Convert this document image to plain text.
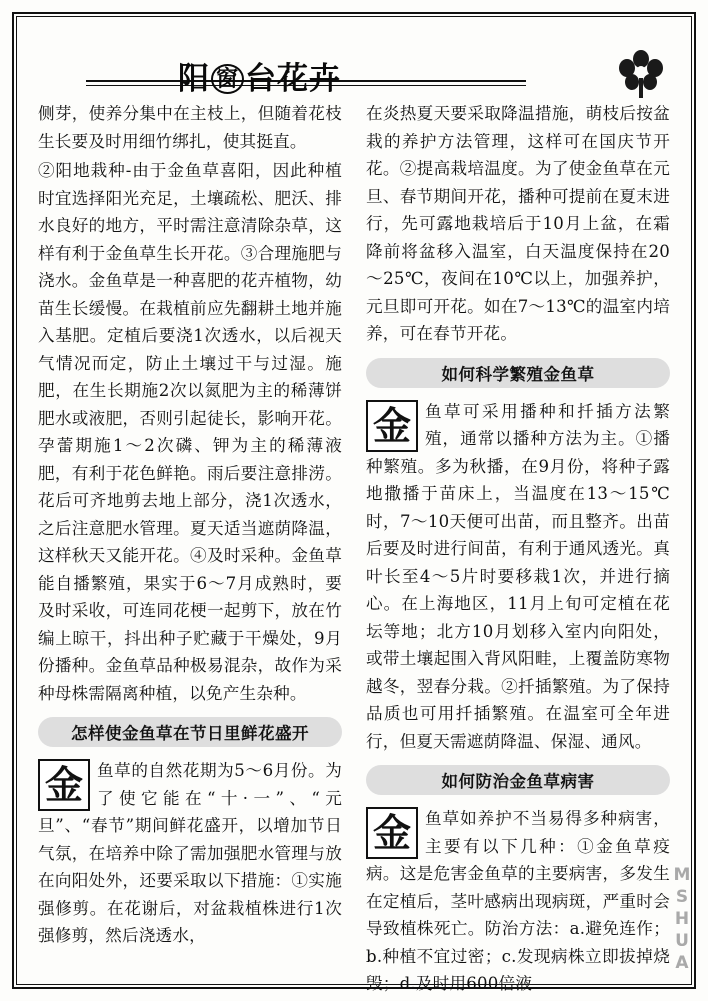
阳 窗 台花卉

侧芽，使养分集中在主枝上，但随着花枝生长要及时用细竹绑扎，使其挺直。

②阳地栽种-由于金鱼草喜阳，因此种植时宜选择阳光充足，土壤疏松、肥沃、排水良好的地方，平时需注意清除杂草，这样有利于金鱼草生长开花。③合理施肥与浇水。金鱼草是一种喜肥的花卉植物，幼苗生长缓慢。在栽植前应先翻耕土地并施入基肥。定植后要浇1次透水，以后视天气情况而定，防止土壤过干与过湿。施肥，在生长期施2次以氮肥为主的稀薄饼肥水或液肥，否则引起徒长，影响开花。孕蕾期施1～2次磷、钾为主的稀薄液肥，有利于花色鲜艳。雨后要注意排涝。花后可齐地剪去地上部分，浇1次透水，之后注意肥水管理。夏天适当遮荫降温，这样秋天又能开花。④及时采种。金鱼草能自播繁殖，果实于6～7月成熟时，要及时采收，可连同花梗一起剪下，放在竹编上晾干，抖出种子贮藏于干燥处，9月份播种。金鱼草品种极易混杂，故作为采种母株需隔离种植，以免产生杂种。

怎样使金鱼草在节日里鲜花盛开
金 鱼草的自然花期为5～6月份。为了使它能在“十·一”、“元旦”、“春节”期间鲜花盛开，以增加节日气氛，在培养中除了需加强肥水管理与放在向阳处外，还要采取以下措施：①实施强修剪。在花谢后，对盆栽植株进行1次强修剪，然后浇透水，

在炎热夏天要采取降温措施，萌枝后按盆栽的养护方法管理，这样可在国庆节开花。②提高栽培温度。为了使金鱼草在元旦、春节期间开花，播种可提前在夏末进行，先可露地栽培后于10月上盆，在霜降前将盆移入温室，白天温度保持在20～25℃，夜间在10℃以上，加强养护，元旦即可开花。如在7～13℃的温室内培养，可在春节开花。

如何科学繁殖金鱼草
金 鱼草可采用播种和扦插方法繁殖，通常以播种方法为主。①播种繁殖。多为秋播，在9月份，将种子露地撒播于苗床上，当温度在13～15℃时，7～10天便可出苗，而且整齐。出苗后要及时进行间苗，有利于通风透光。真叶长至4～5片时要移栽1次，并进行摘心。在上海地区，11月上旬可定植在花坛等地；北方10月划移入室内向阳处，或带土壤起围入背风阳畦，上覆盖防寒物越冬，翌春分栽。②扦插繁殖。为了保持品质也可用扦插繁殖。在温室可全年进行，但夏天需遮荫降温、保湿、通风。

如何防治金鱼草病害
金 鱼草如养护不当易得多种病害，主要有以下几种：①金鱼草疫病。这是危害金鱼草的主要病害，多发生在定植后，茎叶感病出现病斑，严重时会导致植株死亡。防治方法：a.避免连作；b.种植不宜过密；c.发现病株立即拔掉烧毁；d.及时用600倍液

MSHUA
